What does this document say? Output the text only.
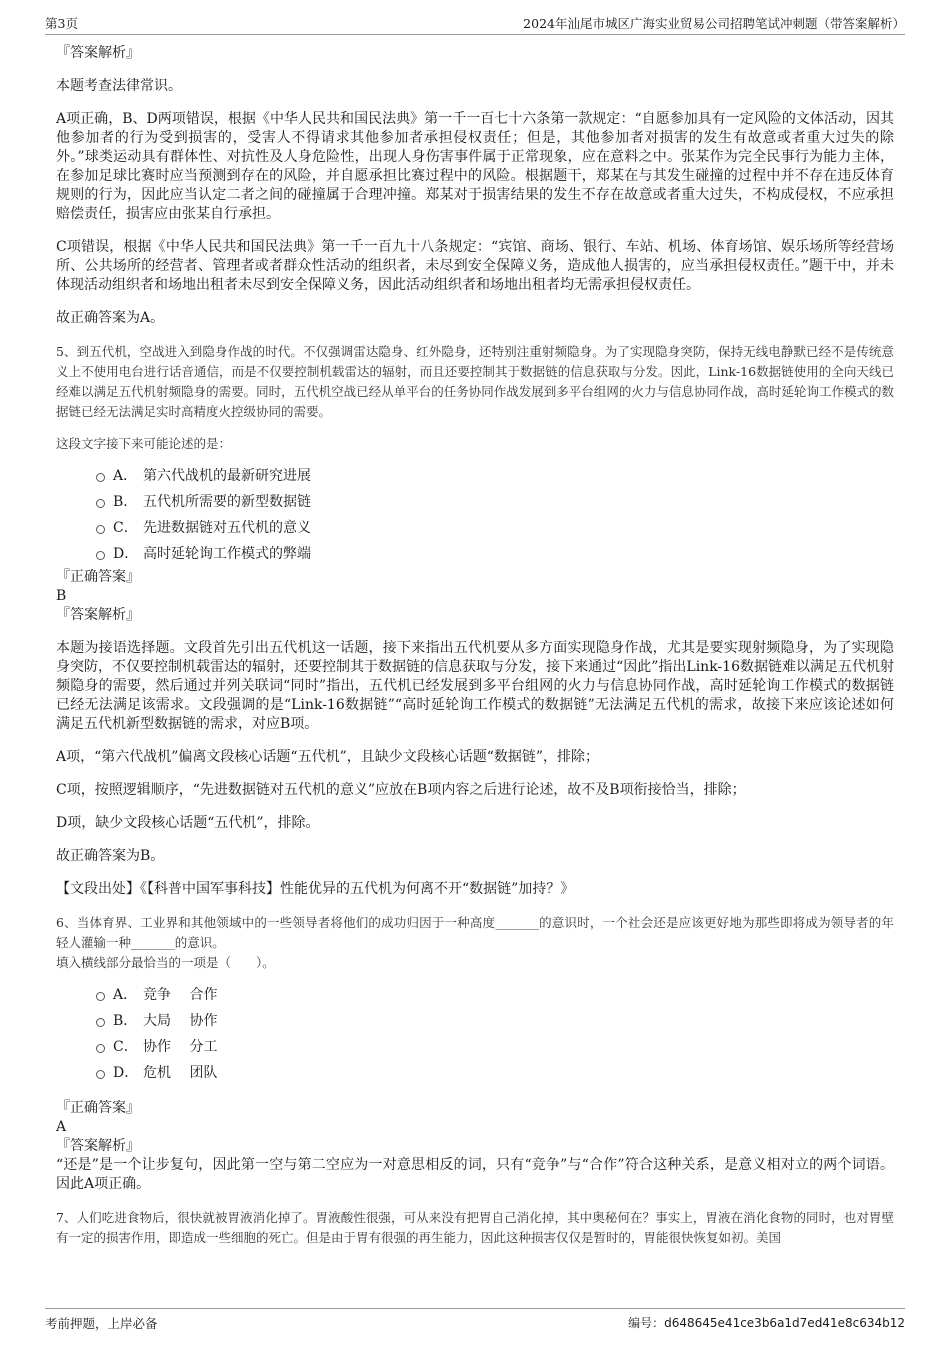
第3页	2024年汕尾市城区广海实业贸易公司招聘笔试冲刺题（带答案解析）
『答案解析』
本题考查法律常识。
A项正确，B、D两项错误，根据《中华人民共和国民法典》第一千一百七十六条第一款规定：“自愿参加具有一定风险的文体活动，因其他参加者的行为受到损害的，受害人不得请求其他参加者承担侵权责任；但是，其他参加者对损害的发生有故意或者重大过失的除外。”球类运动具有群体性、对抗性及人身危险性，出现人身伤害事件属于正常现象，应在意料之中。张某作为完全民事行为能力主体，在参加足球比赛时应当预测到存在的风险，并自愿承担比赛过程中的风险。根据题干，郑某在与其发生碰撞的过程中并不存在违反体育规则的行为，因此应当认定二者之间的碰撞属于合理冲撞。郑某对于损害结果的发生不存在故意或者重大过失，不构成侵权，不应承担赔偿责任，损害应由张某自行承担。
C项错误，根据《中华人民共和国民法典》第一千一百九十八条规定：“宾馆、商场、银行、车站、机场、体育场馆、娱乐场所等经营场所、公共场所的经营者、管理者或者群众性活动的组织者，未尽到安全保障义务，造成他人损害的，应当承担侵权责任。”题干中，并未体现活动组织者和场地出租者未尽到安全保障义务，因此活动组织者和场地出租者均无需承担侵权责任。
故正确答案为A。
5、到五代机，空战进入到隐身作战的时代。不仅强调雷达隐身、红外隐身，还特别注重射频隐身。为了实现隐身突防，保持无线电静默已经不是传统意义上不使用电台进行话音通信，而是不仅要控制机载雷达的辐射，而且还要控制其于数据链的信息获取与分发。因此，Link-16数据链使用的全向天线已经难以满足五代机射频隐身的需要。同时，五代机空战已经从单平台的任务协同作战发展到多平台组网的火力与信息协同作战，高时延轮询工作模式的数据链已经无法满足实时高精度火控级协同的需要。
这段文字接下来可能论述的是：
A． 第六代战机的最新研究进展
B． 五代机所需要的新型数据链
C． 先进数据链对五代机的意义
D． 高时延轮询工作模式的弊端
『正确答案』
B
『答案解析』
本题为接语选择题。文段首先引出五代机这一话题，接下来指出五代机要从多方面实现隐身作战，尤其是要实现射频隐身，为了实现隐身突防，不仅要控制机载雷达的辐射，还要控制其于数据链的信息获取与分发，接下来通过“因此”指出Link-16数据链难以满足五代机射频隐身的需要，然后通过并列关联词“同时”指出，五代机已经发展到多平台组网的火力与信息协同作战，高时延轮询工作模式的数据链已经无法满足该需求。文段强调的是“Link-16数据链”“高时延轮询工作模式的数据链”无法满足五代机的需求，故接下来应该论述如何满足五代机新型数据链的需求，对应B项。
A项，“第六代战机”偏离文段核心话题“五代机”，且缺少文段核心话题“数据链”，排除；
C项，按照逻辑顺序，“先进数据链对五代机的意义”应放在B项内容之后进行论述，故不及B项衔接恰当，排除；
D项，缺少文段核心话题“五代机”，排除。
故正确答案为B。
【文段出处】《【科普中国军事科技】性能优异的五代机为何离不开“数据链”加持？》
6、当体育界、工业界和其他领域中的一些领导者将他们的成功归因于一种高度_______的意识时，一个社会还是应该更好地为那些即将成为领导者的年轻人灌输一种_______的意识。
填入横线部分最恰当的一项是（　　）。
A． 竞争　 合作
B． 大局　 协作
C． 协作　 分工
D． 危机　 团队
『正确答案』
A
『答案解析』
“还是”是一个让步复句，因此第一空与第二空应为一对意思相反的词，只有“竞争”与“合作”符合这种关系，是意义相对立的两个词语。因此A项正确。
7、人们吃进食物后，很快就被胃液消化掉了。胃液酸性很强，可从来没有把胃自己消化掉，其中奥秘何在？事实上，胃液在消化食物的同时，也对胃壁有一定的损害作用，即造成一些细胞的死亡。但是由于胃有很强的再生能力，因此这种损害仅仅是暂时的，胃能很快恢复如初。美国
考前押题，上岸必备	编号：d648645e41ce3b6a1d7ed41e8c634b12
